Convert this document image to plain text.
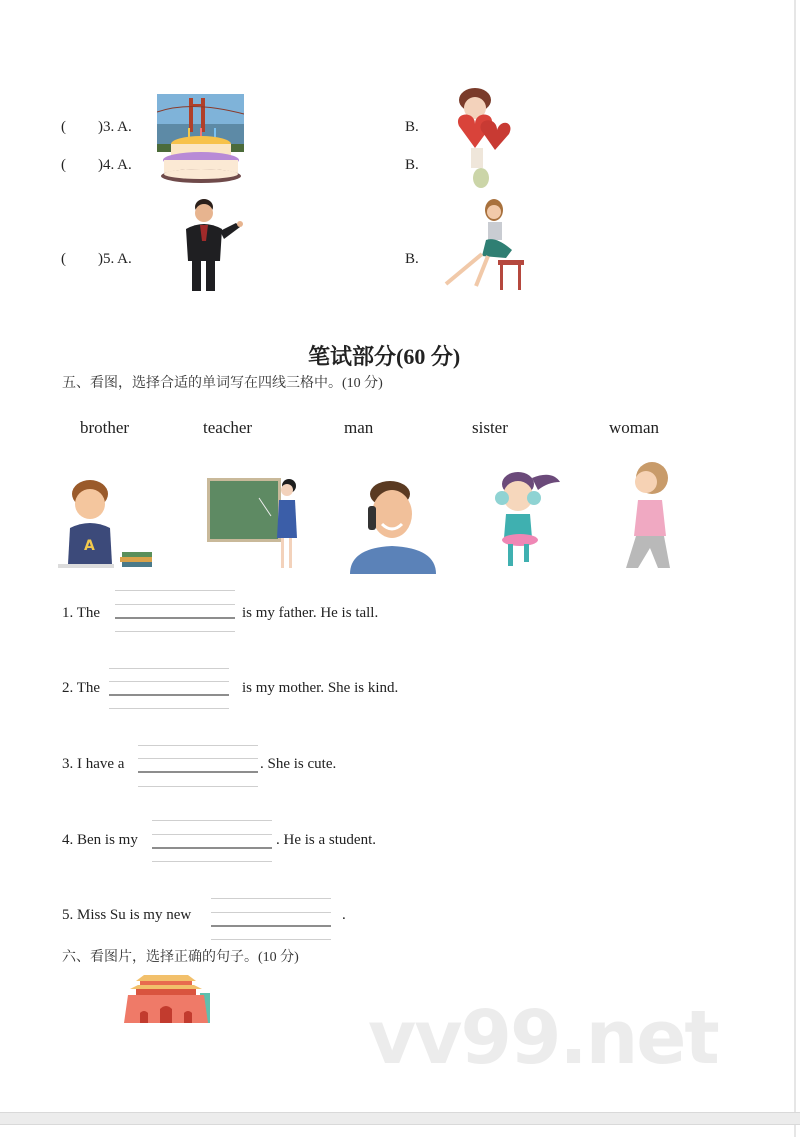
( )3. A.	B.
( )4. A.	B.
( )5. A.	B.
笔试部分(60 分)
五、看图，选择合适的单词写在四线三格中。(10 分)
brother	teacher	man	sister	woman
A
1. The	is my father. He is tall.
2. The	is my mother. She is kind.
3. I have a	. She is cute.
4. Ben is my	. He is a student.
5. Miss Su is my new	.
六、看图片，选择正确的句子。(10 分)
vv99.net
